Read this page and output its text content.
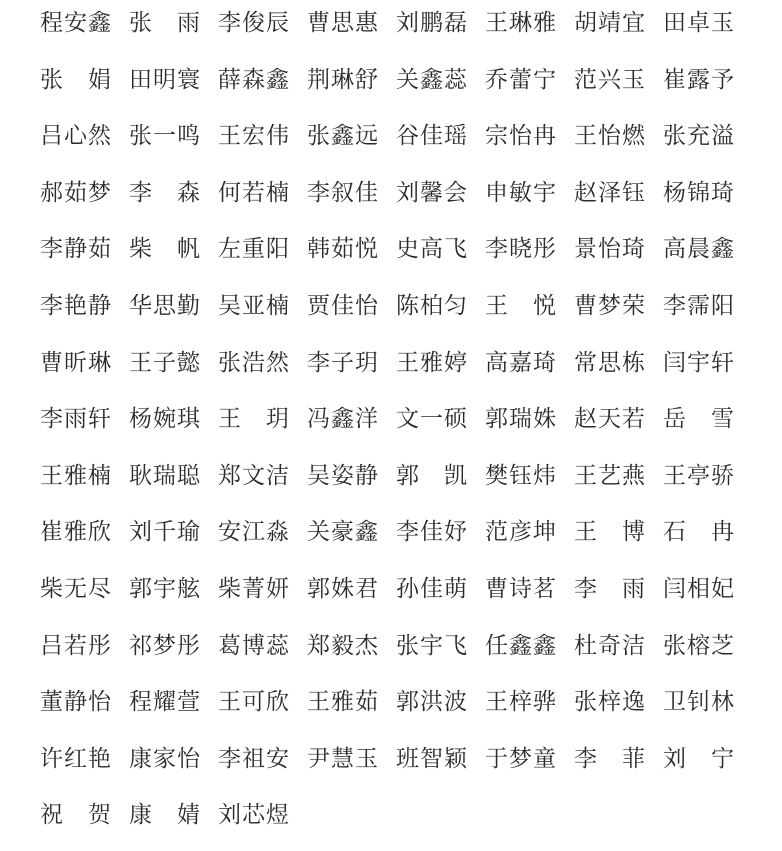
程安鑫 张　雨 李俊辰 曹思惠 刘鹏磊 王琳雅 胡靖宜 田卓玉
张　娟 田明寰 薛森鑫 荆琳舒 关鑫蕊 乔蕾宁 范兴玉 崔露予
吕心然 张一鸣 王宏伟 张鑫远 谷佳瑶 宗怡冉 王怡燃 张充溢
郝茹梦 李　森 何若楠 李叙佳 刘馨会 申敏宇 赵泽钰 杨锦琦
李静茹 柴　帆 左重阳 韩茹悦 史高飞 李晓彤 景怡琦 高晨鑫
李艳静 华思勤 吴亚楠 贾佳怡 陈柏匀 王　悦 曹梦荣 李霈阳
曹昕琳 王子懿 张浩然 李子玥 王雅婷 高嘉琦 常思栋 闫宇轩
李雨轩 杨婉琪 王　玥 冯鑫洋 文一硕 郭瑞姝 赵天若 岳　雪
王雅楠 耿瑞聪 郑文洁 吴姿静 郭　凯 樊钰炜 王艺燕 王亭骄
崔雅欣 刘千瑜 安江淼 关豪鑫 李佳妤 范彦坤 王　博 石　冉
柴无尽 郭宇舷 柴菁妍 郭姝君 孙佳萌 曹诗茗 李　雨 闫相妃
吕若彤 祁梦彤 葛博蕊 郑毅杰 张宇飞 任鑫鑫 杜奇洁 张榕芝
董静怡 程耀萱 王可欣 王雅茹 郭洪波 王梓骅 张梓逸 卫钊林
许红艳 康家怡 李祖安 尹慧玉 班智颖 于梦童 李　菲 刘　宁
祝　贺 康　婧 刘芯煜
